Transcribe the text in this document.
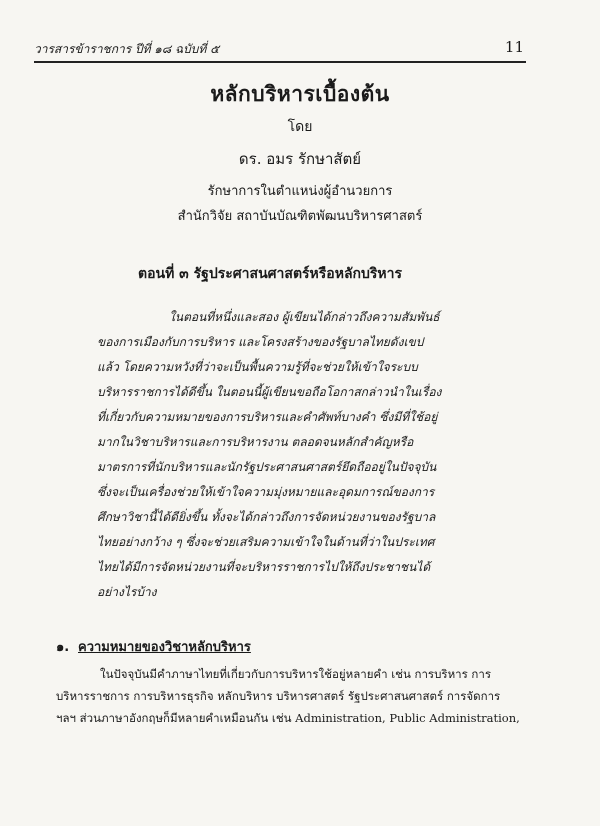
วารสารข้าราชการ ปีที่ ๑๘ ฉบับที่ ๕	11
หลักบริหารเบื้องต้น
โดย
ดร. อมร รักษาสัตย์
รักษาการในตำแหน่งผู้อำนวยการ
สำนักวิจัย สถาบันบัณฑิตพัฒนบริหารศาสตร์
ตอนที่ ๓ รัฐประศาสนศาสตร์หรือหลักบริหาร
ในตอนที่หนึ่งและสอง ผู้เขียนได้กล่าวถึงความสัมพันธ์
ของการเมืองกับการบริหาร และโครงสร้างของรัฐบาลไทยดังเขป
แล้ว โดยความหวังที่ว่าจะเป็นพื้นความรู้ที่จะช่วยให้เข้าใจระบบ
บริหารราชการได้ดีขึ้น ในตอนนี้ผู้เขียนขอถือโอกาสกล่าวนำในเรื่อง
ที่เกี่ยวกับความหมายของการบริหารและคำศัพท์บางคำ ซึ่งมีที่ใช้อยู่
มากในวิชาบริหารและการบริหารงาน ตลอดจนหลักสำคัญหรือ
มาตรการที่นักบริหารและนักรัฐประศาสนศาสตร์ยึดถืออยู่ในปัจจุบัน
ซึ่งจะเป็นเครื่องช่วยให้เข้าใจความมุ่งหมายและอุดมการณ์ของการ
ศึกษาวิชานี้ได้ดียิ่งขึ้น ทั้งจะได้กล่าวถึงการจัดหน่วยงานของรัฐบาล
ไทยอย่างกว้าง ๆ ซึ่งจะช่วยเสริมความเข้าใจในด้านที่ว่าในประเทศ
ไทยได้มีการจัดหน่วยงานที่จะบริหารราชการไปให้ถึงประชาชนได้
อย่างไรบ้าง
๑. ความหมายของวิชาหลักบริหาร
ในปัจจุบันมีคำภาษาไทยที่เกี่ยวกับการบริหารใช้อยู่หลายคำ เช่น การบริหาร การ
บริหารราชการ การบริหารธุรกิจ หลักบริหาร บริหารศาสตร์ รัฐประศาสนศาสตร์ การจัดการ
ฯลฯ ส่วนภาษาอังกฤษก็มีหลายคำเหมือนกัน เช่น Administration, Public Administration,
